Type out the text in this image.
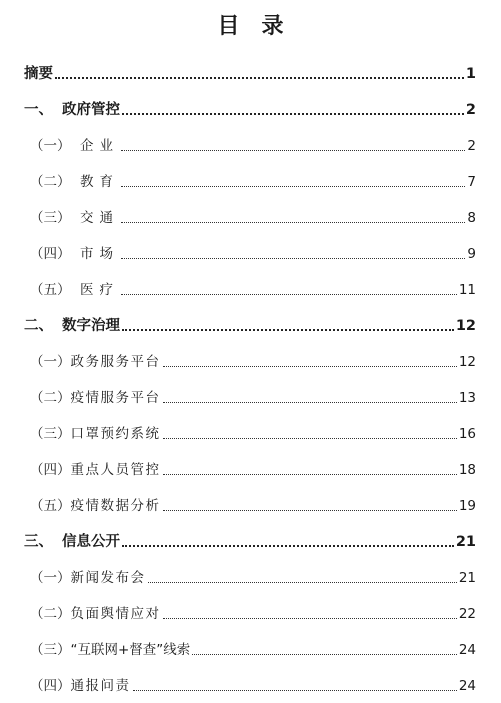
目　录
摘要	1
一、 政府管控	2
（一） 企业	2
（二） 教育	7
（三） 交通	8
（四） 市场	9
（五） 医疗	11
二、 数字治理	12
（一）政务服务平台	12
（二）疫情服务平台	13
（三）口罩预约系统	16
（四）重点人员管控	18
（五）疫情数据分析	19
三、 信息公开	21
（一）新闻发布会	21
（二）负面舆情应对	22
（三）“互联网+督查”线索	24
（四）通报问责	24
